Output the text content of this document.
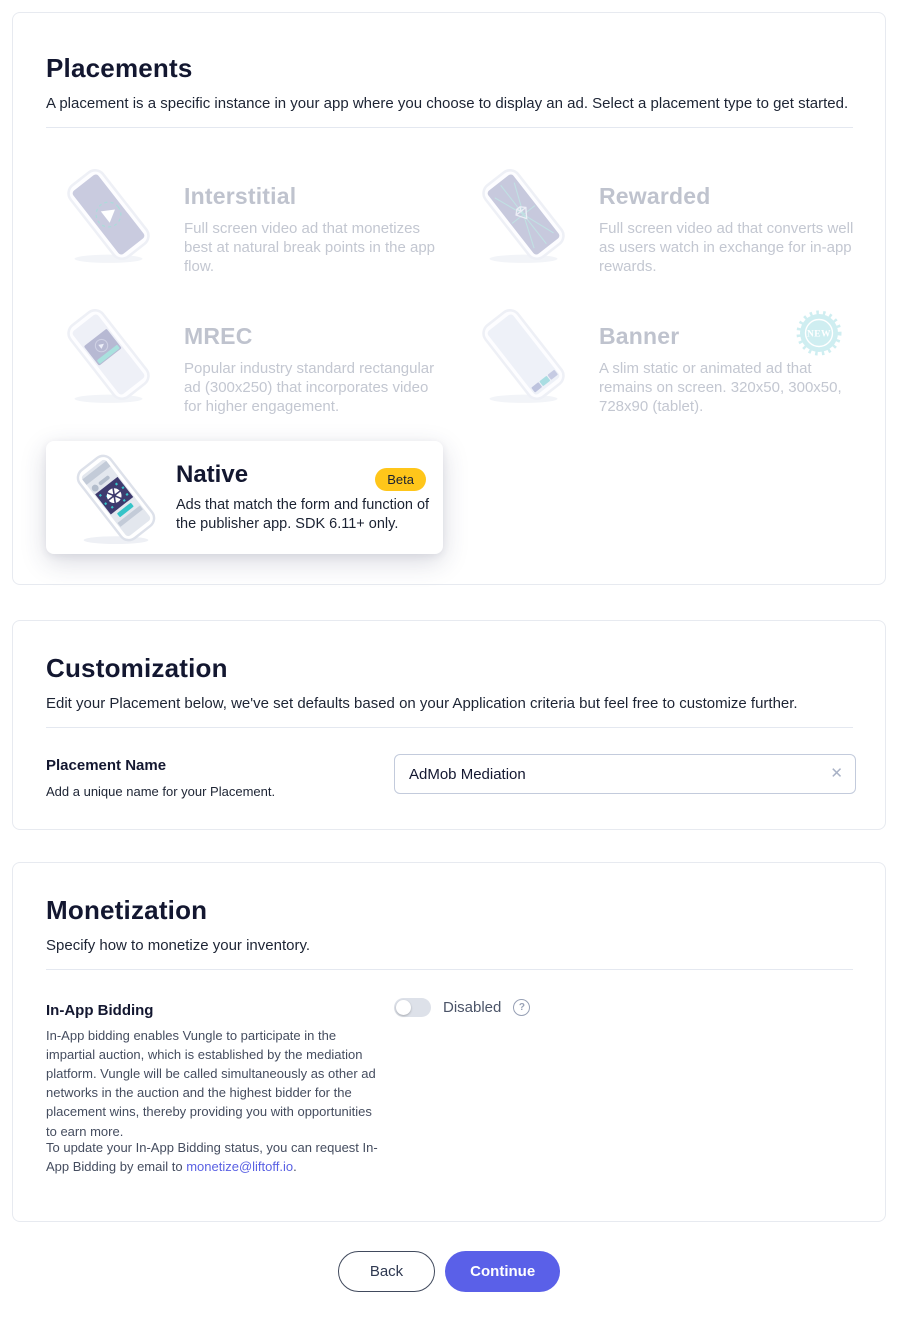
Placements

A placement is a specific instance in your app where you choose to display an ad. Select a placement type to get started.

Interstitial

Full screen video ad that monetizes best at natural break points in the app flow.

Rewarded

Full screen video ad that converts well as users watch in exchange for in-app rewards.

MREC

Popular industry standard rectangular ad (300x250) that incorporates video for higher engagement.

Banner

A slim static or animated ad that remains on screen. 320x50, 300x50, 728x90 (tablet).

NEW
Native

Ads that match the form and function of the publisher app. SDK 6.11+ only.

Beta
Customization

Edit your Placement below, we've set defaults based on your Application criteria but feel free to customize further.

Placement Name
Add a unique name for your Placement.
AdMob Mediation
✕
Monetization

Specify how to monetize your inventory.

In-App Bidding	Disabled	?

In-App bidding enables Vungle to participate in the impartial auction, which is established by the mediation platform. Vungle will be called simultaneously as other ad networks in the auction and the highest bidder for the placement wins, thereby providing you with opportunities to earn more.

To update your In-App Bidding status, you can request In-App Bidding by email to monetize@liftoff.io.

Back	Continue
